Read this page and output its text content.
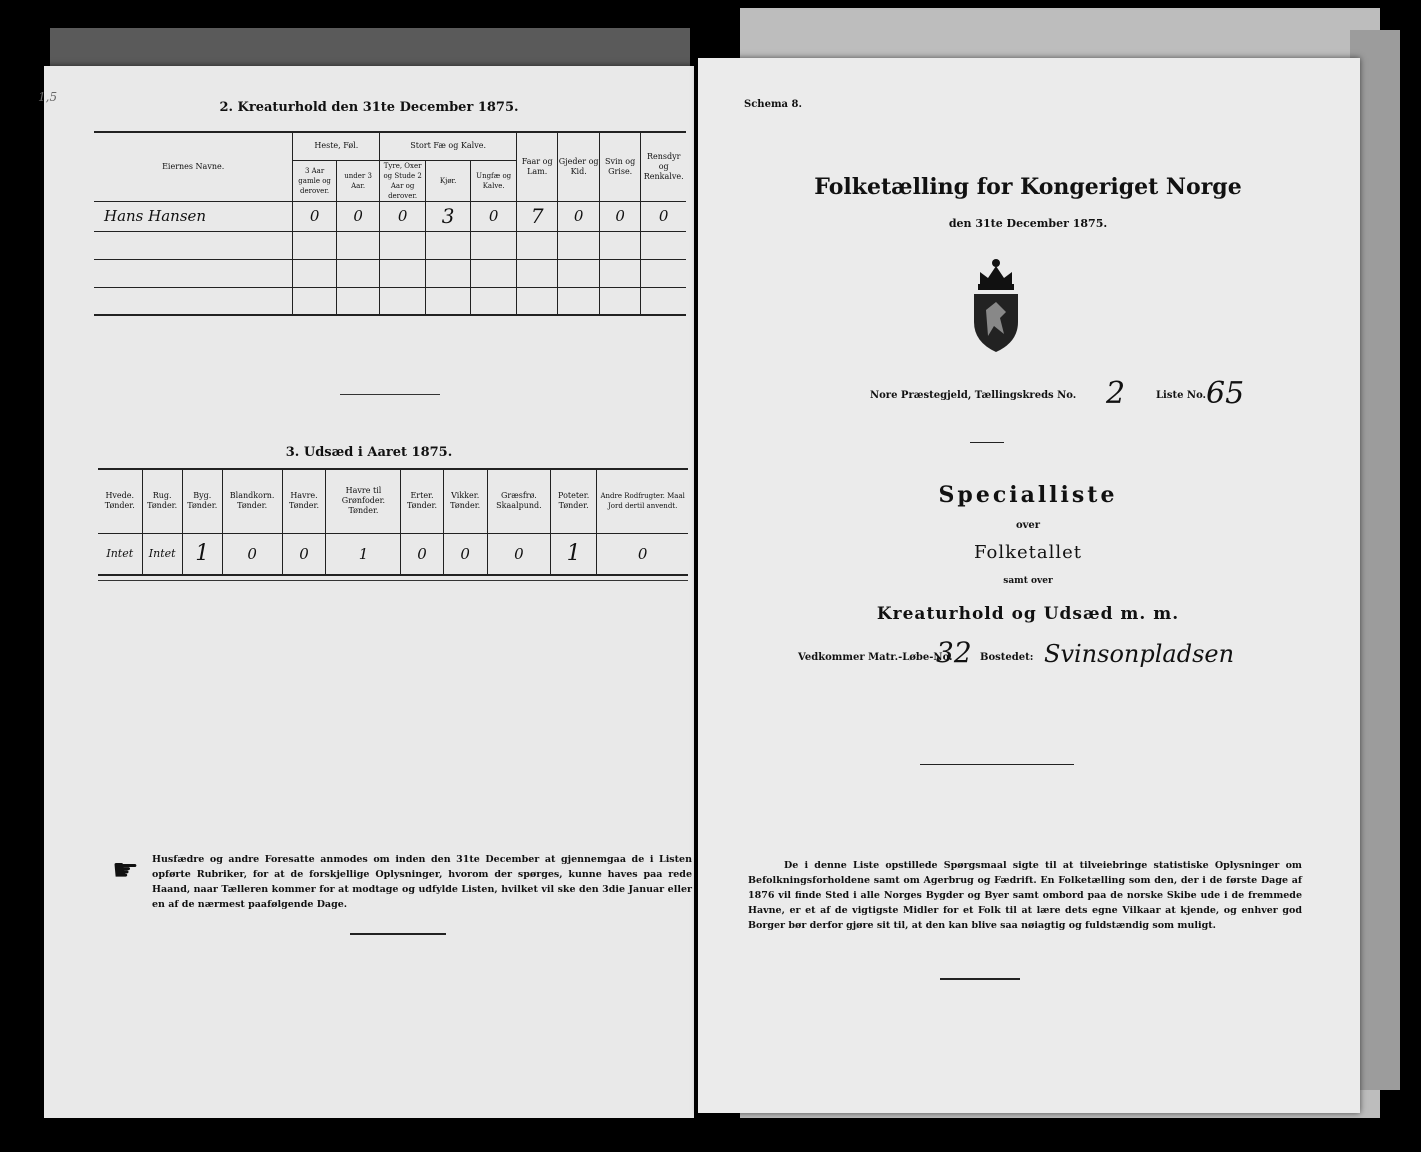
1,5
2. Kreaturhold den 31te December 1875.
Eiernes Navne.	Heste, Føl.		Stort Fæ og Kalve.			Faar og Lam.	Gjeder og Kid.	Svin og Grise.	Rensdyr og Renkalve.
	3 Aar gamle og derover.	under 3 Aar.	Tyre, Oxer og Stude 2 Aar og derover.	Kjør.	Ungfæ og Kalve.				
Hans Hansen	0	0	0	3	0	7	0	0	0

3. Udsæd i Aaret 1875.
Hvede. Tønder.	Rug. Tønder.	Byg. Tønder.	Blandkorn. Tønder.	Havre. Tønder.	Havre til Grønfoder. Tønder.	Erter. Tønder.	Vikker. Tønder.	Græsfrø. Skaalpund.	Poteter. Tønder.	Andre Rodfrugter. Maal Jord dertil anvendt.
Intet	Intet	1	0	0	1	0	0	0	1	0
☛ Husfædre og andre Foresatte anmodes om inden den 31te December at gjennemgaa de i Listen opførte Rubriker, for at de forskjellige Oplysninger, hvorom der spørges, kunne haves paa rede Haand, naar Tælleren kommer for at modtage og udfylde Listen, hvilket vil ske den 3die Januar eller en af de nærmest paafølgende Dage.
Schema 8.
Folketælling for Kongeriget Norge
den 31te December 1875.
Nore Præstegjeld, Tællingskreds No. 2	Liste No. 65
Specialliste
over
Folketallet
samt over
Kreaturhold og Udsæd m. m.
Vedkommer Matr.-Løbe-No.
32 Bostedet: Svinsonpladsen
De i denne Liste opstillede Spørgsmaal sigte til at tilveiebringe statistiske Oplysninger om Befolkningsforholdene samt om Agerbrug og Fædrift. En Folketælling som den, der i de første Dage af 1876 vil finde Sted i alle Norges Bygder og Byer samt ombord paa de norske Skibe ude i de fremmede Havne, er et af de vigtigste Midler for et Folk til at lære dets egne Vilkaar at kjende, og enhver god Borger bør derfor gjøre sit til, at den kan blive saa nøiagtig og fuldstændig som muligt.
